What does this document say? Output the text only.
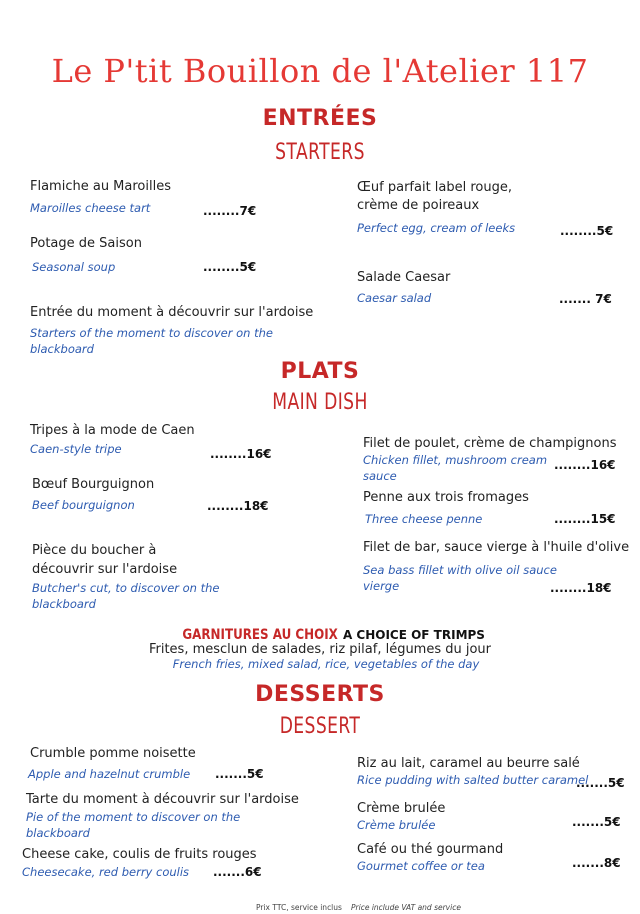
Le P'tit Bouillon de l'Atelier 117
ENTRÉES
STARTERS
Flamiche au Maroilles
Maroilles cheese tart	........7€
Potage de Saison
Seasonal soup	........5€
Entrée du moment à découvrir sur l'ardoise
Starters of the moment to discover on the
blackboard
Œuf parfait label rouge,
crème de poireaux
Perfect egg, cream of leeks	........5€
Salade Caesar
Caesar salad	....... 7€
PLATS
MAIN DISH
Tripes à la mode de Caen
Caen-style tripe	........16€
Bœuf Bourguignon
Beef bourguignon	........18€
Pièce du boucher à
découvrir sur l'ardoise
Butcher's cut, to discover on the
blackboard
Filet de poulet, crème de champignons
Chicken fillet, mushroom cream
sauce
........16€
Penne aux trois fromages
Three cheese penne	........15€
Filet de bar, sauce vierge à l'huile d'olive
Sea bass fillet with olive oil sauce
vierge	........18€
GARNITURES AU CHOIX A CHOICE OF TRIMPS
Frites, mesclun de salades, riz pilaf, légumes du jour
French fries, mixed salad, rice, vegetables of the day
DESSERTS
DESSERT
Crumble pomme noisette
Apple and hazelnut crumble .......5€
Tarte du moment à découvrir sur l'ardoise
Pie of the moment to discover on the
blackboard
Cheese cake, coulis de fruits rouges
Cheesecake, red berry coulis .......6€
Riz au lait, caramel au beurre salé
Rice pudding with salted butter caramel
.......5€
Crème brulée
Crème brulée	.......5€
Café ou thé gourmand
Gourmet coffee or tea	.......8€
Prix TTC, service inclus Price include VAT and service
